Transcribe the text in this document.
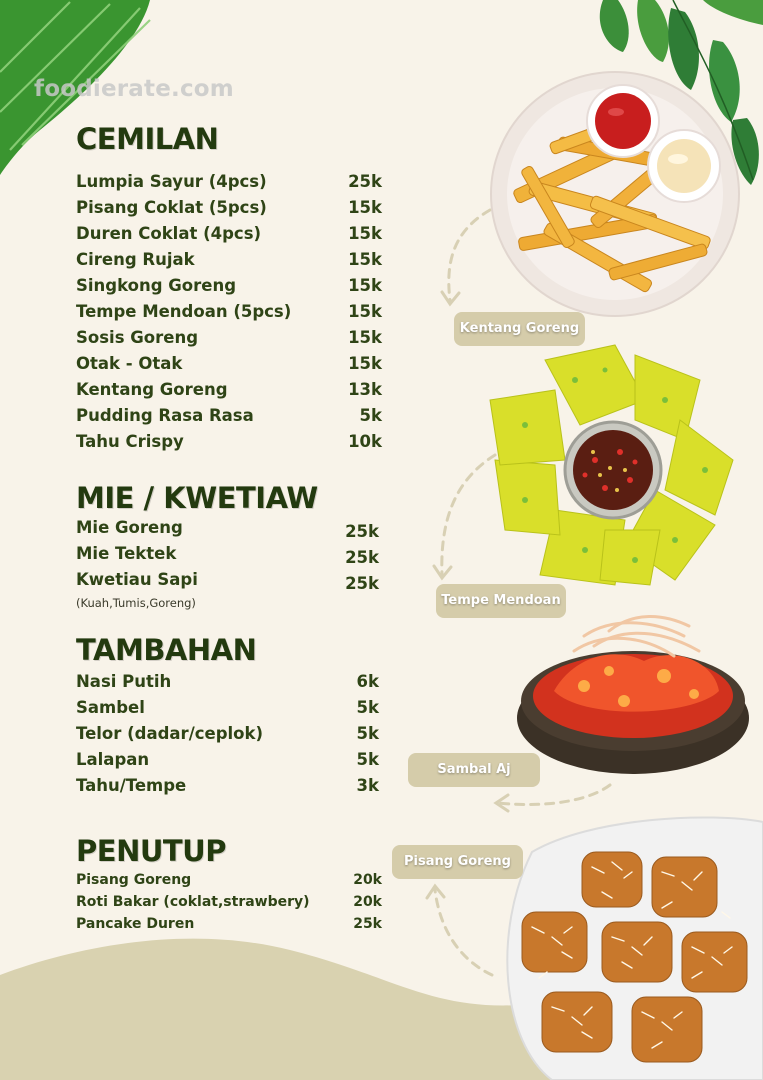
foodierate.com
CEMILAN
Lumpia Sayur (4pcs)	25k
Pisang Coklat (5pcs)	15k
Duren Coklat (4pcs)	15k
Cireng Rujak	15k
Singkong Goreng	15k
Tempe Mendoan (5pcs)	15k
Sosis Goreng	15k
Otak - Otak	15k
Kentang Goreng	13k
Pudding Rasa Rasa	5k
Tahu Crispy	10k
MIE / KWETIAW
Mie Goreng	25k
Mie Tektek	25k
Kwetiau Sapi	25k
(Kuah,Tumis,Goreng)
TAMBAHAN
Nasi Putih	6k
Sambel	5k
Telor (dadar/ceplok)	5k
Lalapan	5k
Tahu/Tempe	3k
PENUTUP
Pisang Goreng	20k
Roti Bakar (coklat,strawbery)	20k
Pancake Duren	25k
Kentang Goreng
Tempe Mendoan
Sambal Aj
Pisang Goreng
